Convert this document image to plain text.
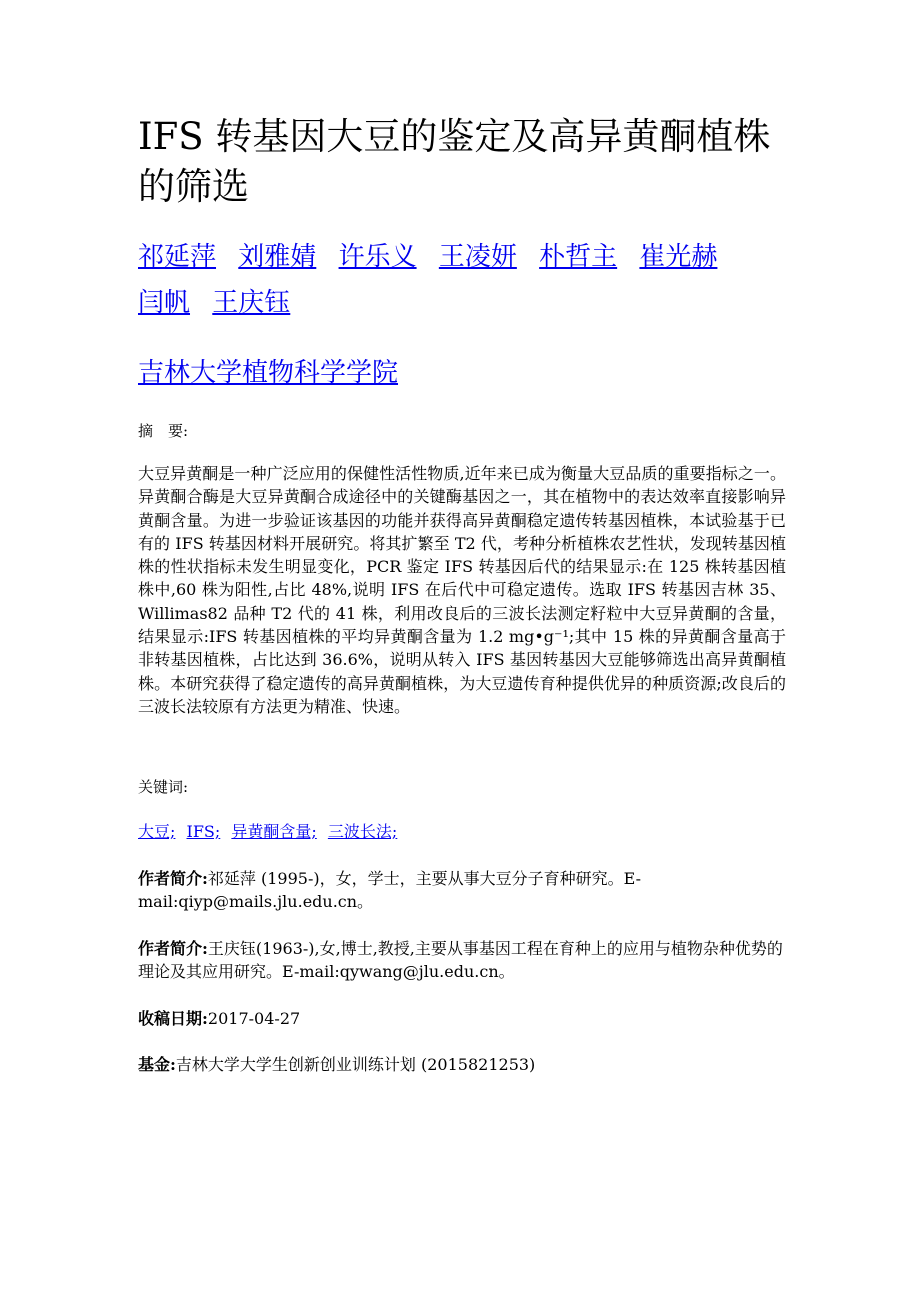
IFS 转基因大豆的鉴定及高异黄酮植株的筛选
祁延萍 刘雅婧 许乐义 王凌妍 朴哲主 崔光赫 闫帆 王庆钰
吉林大学植物科学学院
摘　要:

大豆异黄酮是一种广泛应用的保健性活性物质,近年来已成为衡量大豆品质的重要指标之一。异黄酮合酶是大豆异黄酮合成途径中的关键酶基因之一，其在植物中的表达效率直接影响异黄酮含量。为进一步验证该基因的功能并获得高异黄酮稳定遗传转基因植株，本试验基于已有的 IFS 转基因材料开展研究。将其扩繁至 T2 代，考种分析植株农艺性状，发现转基因植株的性状指标未发生明显变化，PCR 鉴定 IFS 转基因后代的结果显示:在 125 株转基因植株中,60 株为阳性,占比 48%,说明 IFS 在后代中可稳定遗传。选取 IFS 转基因吉林 35、Willimas82 品种 T2 代的 41 株，利用改良后的三波长法测定籽粒中大豆异黄酮的含量，结果显示:IFS 转基因植株的平均异黄酮含量为 1.2 mg•g⁻¹;其中 15 株的异黄酮含量高于非转基因植株，占比达到 36.6%，说明从转入 IFS 基因转基因大豆能够筛选出高异黄酮植株。本研究获得了稳定遗传的高异黄酮植株，为大豆遗传育种提供优异的种质资源;改良后的三波长法较原有方法更为精准、快速。

关键词:
大豆; IFS; 异黄酮含量; 三波长法;

作者简介:祁延萍 (1995-)，女，学士，主要从事大豆分子育种研究。E-mail:qiyp@mails.jlu.edu.cn。

作者简介:王庆钰(1963-),女,博士,教授,主要从事基因工程在育种上的应用与植物杂种优势的理论及其应用研究。E-mail:qywang@jlu.edu.cn。

收稿日期:2017-04-27

基金:吉林大学大学生创新创业训练计划 (2015821253)
